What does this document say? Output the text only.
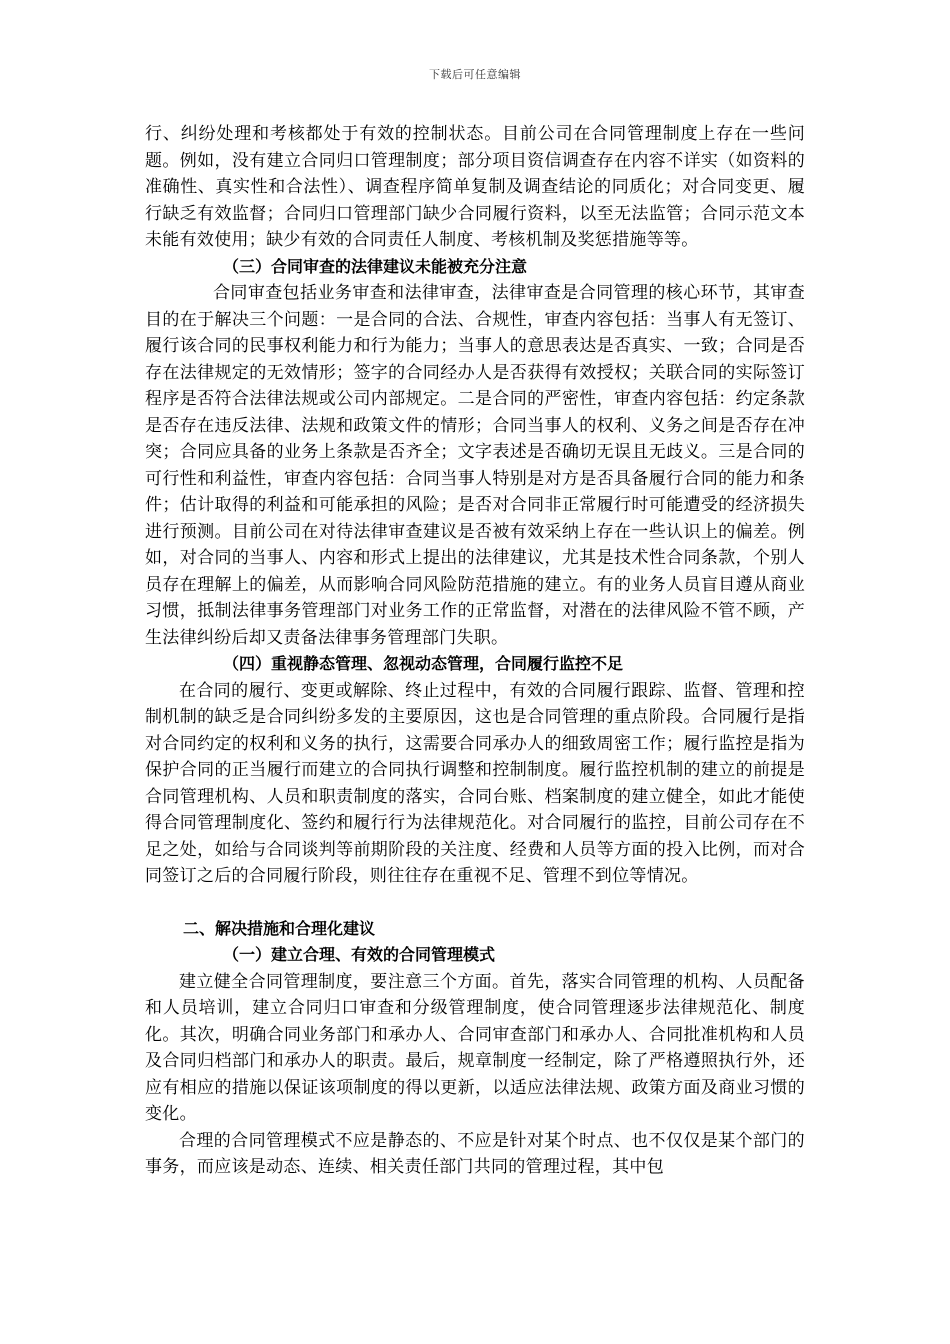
下载后可任意编辑

行、纠纷处理和考核都处于有效的控制状态。目前公司在合同管理制度上存在一些问题。例如，没有建立合同归口管理制度；部分项目资信调查存在内容不详实（如资料的准确性、真实性和合法性）、调查程序简单复制及调查结论的同质化；对合同变更、履行缺乏有效监督；合同归口管理部门缺少合同履行资料，以至无法监管；合同示范文本未能有效使用；缺少有效的合同责任人制度、考核机制及奖惩措施等等。

（三）合同审查的法律建议未能被充分注意

合同审查包括业务审查和法律审查，法律审查是合同管理的核心环节，其审查目的在于解决三个问题：一是合同的合法、合规性，审查内容包括：当事人有无签订、履行该合同的民事权利能力和行为能力；当事人的意思表达是否真实、一致；合同是否存在法律规定的无效情形；签字的合同经办人是否获得有效授权；关联合同的实际签订程序是否符合法律法规或公司内部规定。二是合同的严密性，审查内容包括：约定条款是否存在违反法律、法规和政策文件的情形；合同当事人的权利、义务之间是否存在冲突；合同应具备的业务上条款是否齐全；文字表述是否确切无误且无歧义。三是合同的可行性和利益性，审查内容包括：合同当事人特别是对方是否具备履行合同的能力和条件；估计取得的利益和可能承担的风险；是否对合同非正常履行时可能遭受的经济损失进行预测。目前公司在对待法律审查建议是否被有效采纳上存在一些认识上的偏差。例如，对合同的当事人、内容和形式上提出的法律建议，尤其是技术性合同条款，个别人员存在理解上的偏差，从而影响合同风险防范措施的建立。有的业务人员盲目遵从商业习惯，抵制法律事务管理部门对业务工作的正常监督，对潜在的法律风险不管不顾，产生法律纠纷后却又责备法律事务管理部门失职。

（四）重视静态管理、忽视动态管理，合同履行监控不足

在合同的履行、变更或解除、终止过程中，有效的合同履行跟踪、监督、管理和控制机制的缺乏是合同纠纷多发的主要原因，这也是合同管理的重点阶段。合同履行是指对合同约定的权利和义务的执行，这需要合同承办人的细致周密工作；履行监控是指为保护合同的正当履行而建立的合同执行调整和控制制度。履行监控机制的建立的前提是合同管理机构、人员和职责制度的落实，合同台账、档案制度的建立健全，如此才能使得合同管理制度化、签约和履行行为法律规范化。对合同履行的监控，目前公司存在不足之处，如给与合同谈判等前期阶段的关注度、经费和人员等方面的投入比例，而对合同签订之后的合同履行阶段，则往往存在重视不足、管理不到位等情况。

二、解决措施和合理化建议
（一）建立合理、有效的合同管理模式

建立健全合同管理制度，要注意三个方面。首先，落实合同管理的机构、人员配备和人员培训，建立合同归口审查和分级管理制度，使合同管理逐步法律规范化、制度化。其次，明确合同业务部门和承办人、合同审查部门和承办人、合同批准机构和人员及合同归档部门和承办人的职责。最后，规章制度一经制定，除了严格遵照执行外，还应有相应的措施以保证该项制度的得以更新，以适应法律法规、政策方面及商业习惯的变化。

合理的合同管理模式不应是静态的、不应是针对某个时点、也不仅仅是某个部门的事务，而应该是动态、连续、相关责任部门共同的管理过程，其中包
